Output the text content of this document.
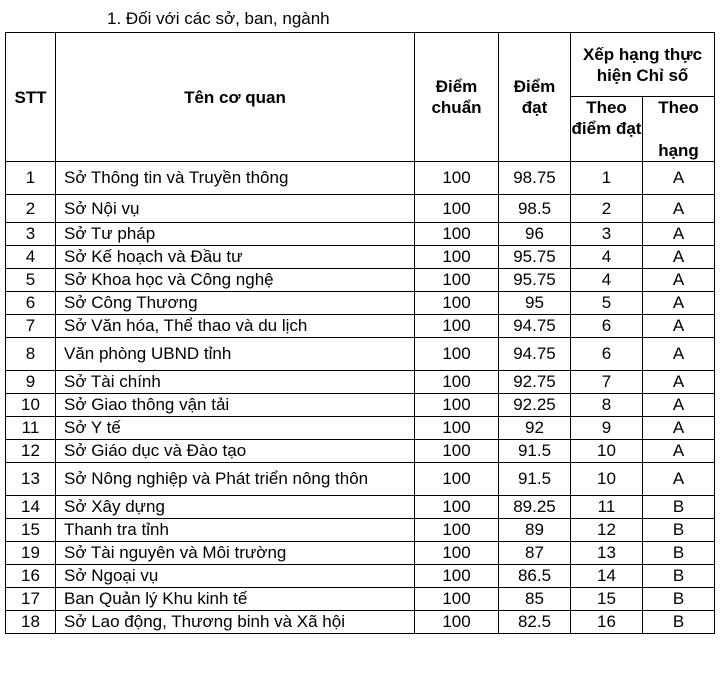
1. Đối với các sở, ban, ngành
STT	Tên cơ quan	Điểm chuẩn	Điểm đạt	Xếp hạng thực hiện Chỉ số	
				Theo điểm đạt	Theo
hạng

1	Sở Thông tin và Truyền thông	100	98.75	1	A
2	Sở Nội vụ	100	98.5	2	A
3	Sở Tư pháp	100	96	3	A
4	Sở Kế hoạch và Đầu tư	100	95.75	4	A
5	Sở Khoa học và Công nghệ	100	95.75	4	A
6	Sở Công Thương	100	95	5	A
7	Sở Văn hóa, Thể thao và du lịch	100	94.75	6	A
8	Văn phòng UBND tỉnh	100	94.75	6	A
9	Sở Tài chính	100	92.75	7	A
10	Sở Giao thông vận tải	100	92.25	8	A
11	Sở Y tế	100	92	9	A
12	Sở Giáo dục và Đào tạo	100	91.5	10	A
13	Sở Nông nghiệp và Phát triển nông thôn	100	91.5	10	A
14	Sở Xây dựng	100	89.25	11	B
15	Thanh tra tỉnh	100	89	12	B
19	Sở Tài nguyên và Môi trường	100	87	13	B
16	Sở Ngoại vụ	100	86.5	14	B
17	Ban Quản lý Khu kinh tế	100	85	15	B
18	Sở Lao động, Thương binh và Xã hội	100	82.5	16	B
